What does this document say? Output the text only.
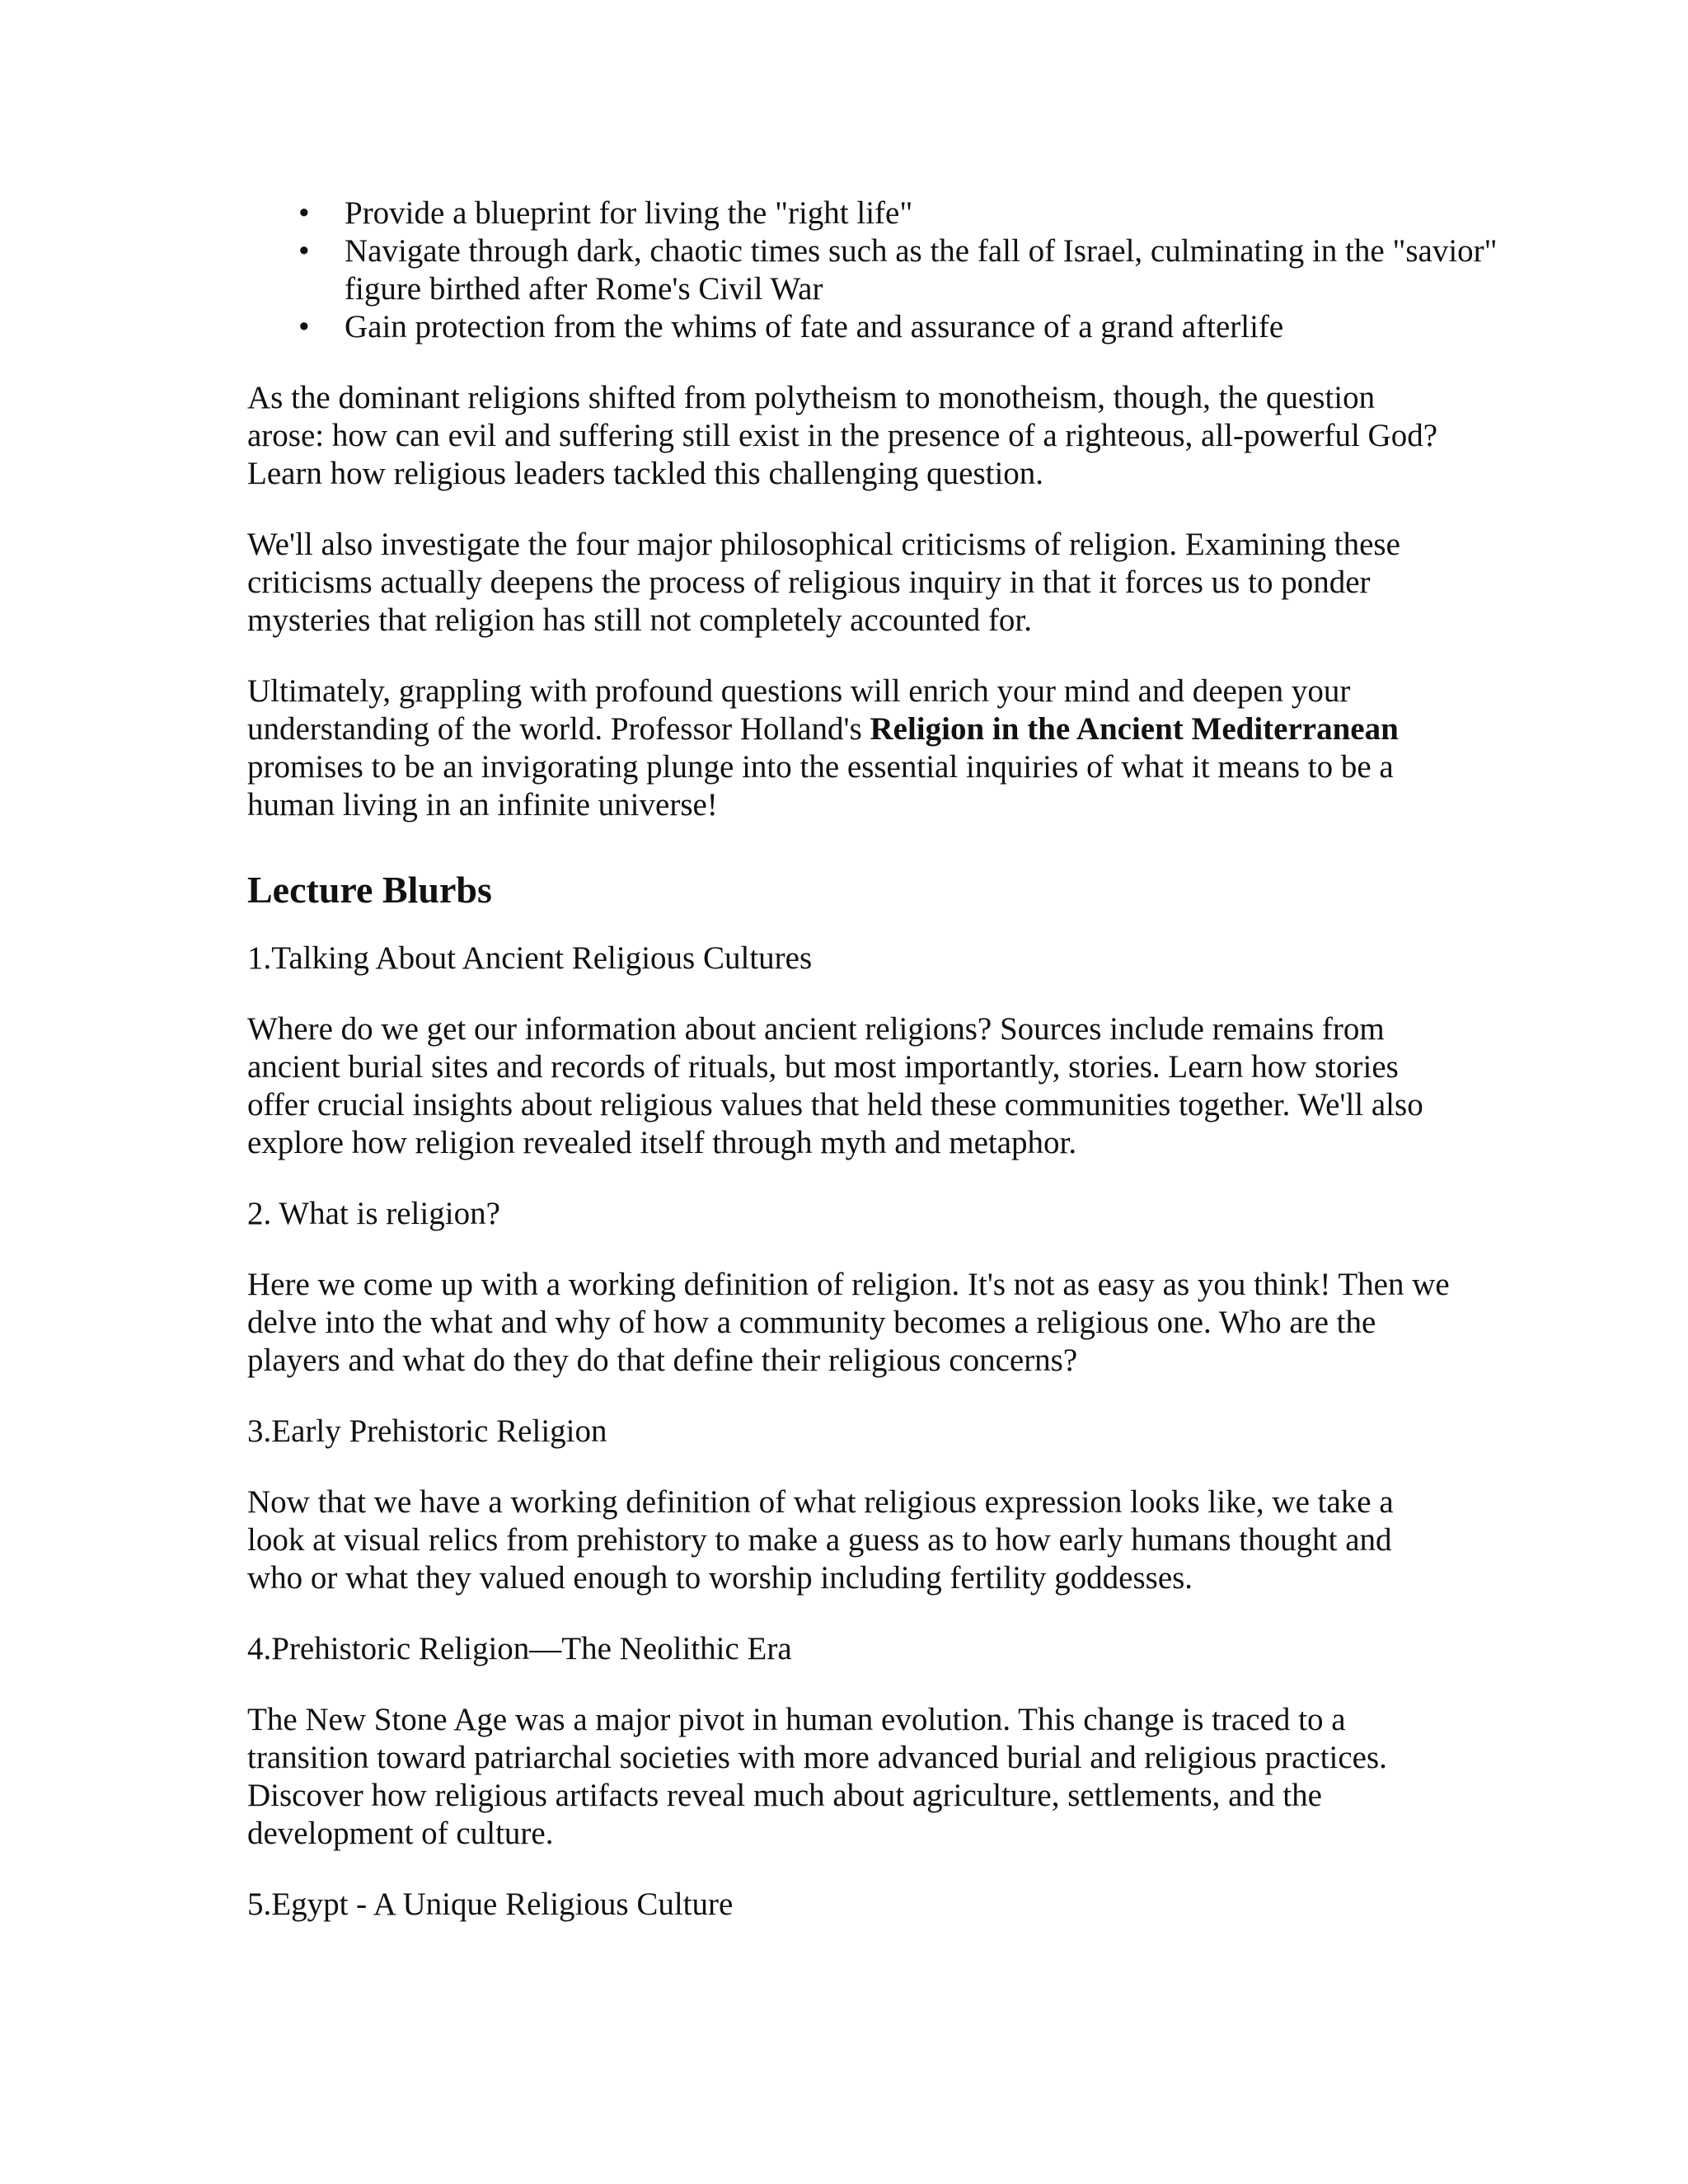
• Provide a blueprint for living the "right life"
• Navigate through dark, chaotic times such as the fall of Israel, culminating in the "savior" figure birthed after Rome's Civil War
• Gain protection from the whims of fate and assurance of a grand afterlife

As the dominant religions shifted from polytheism to monotheism, though, the question arose: how can evil and suffering still exist in the presence of a righteous, all-powerful God? Learn how religious leaders tackled this challenging question.

We'll also investigate the four major philosophical criticisms of religion. Examining these criticisms actually deepens the process of religious inquiry in that it forces us to ponder mysteries that religion has still not completely accounted for.

Ultimately, grappling with profound questions will enrich your mind and deepen your understanding of the world. Professor Holland's Religion in the Ancient Mediterranean promises to be an invigorating plunge into the essential inquiries of what it means to be a human living in an infinite universe!

Lecture Blurbs

1.Talking About Ancient Religious Cultures

Where do we get our information about ancient religions? Sources include remains from ancient burial sites and records of rituals, but most importantly, stories. Learn how stories offer crucial insights about religious values that held these communities together. We'll also explore how religion revealed itself through myth and metaphor.

2. What is religion?

Here we come up with a working definition of religion. It's not as easy as you think! Then we delve into the what and why of how a community becomes a religious one. Who are the players and what do they do that define their religious concerns?

3.Early Prehistoric Religion

Now that we have a working definition of what religious expression looks like, we take a look at visual relics from prehistory to make a guess as to how early humans thought and who or what they valued enough to worship including fertility goddesses.

4.Prehistoric Religion—The Neolithic Era

The New Stone Age was a major pivot in human evolution. This change is traced to a transition toward patriarchal societies with more advanced burial and religious practices. Discover how religious artifacts reveal much about agriculture, settlements, and the development of culture.

5.Egypt - A Unique Religious Culture
